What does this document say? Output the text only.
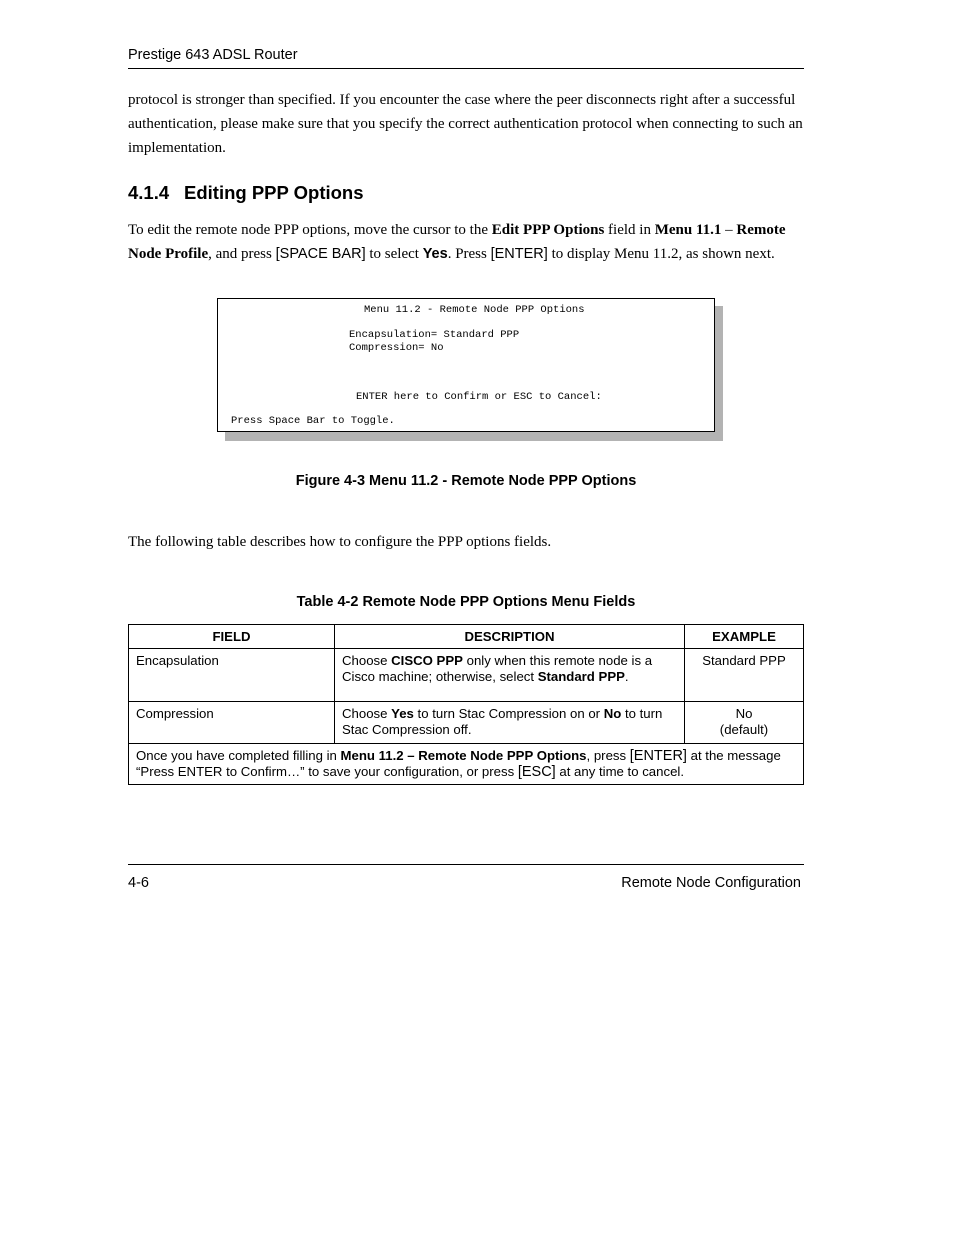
Prestige 643 ADSL Router
protocol is stronger than specified. If you encounter the case where the peer disconnects right after a successful authentication, please make sure that you specify the correct authentication protocol when connecting to such an implementation.
4.1.4 Editing PPP Options
To edit the remote node PPP options, move the cursor to the Edit PPP Options field in Menu 11.1 – Remote Node Profile, and press [SPACE BAR] to select Yes. Press [ENTER] to display Menu 11.2, as shown next.
Menu 11.2 - Remote Node PPP Options
Encapsulation= Standard PPP
Compression= No
ENTER here to Confirm or ESC to Cancel:
Press Space Bar to Toggle.
Figure 4-3 Menu 11.2 - Remote Node PPP Options
The following table describes how to configure the PPP options fields.
Table 4-2 Remote Node PPP Options Menu Fields
FIELD	DESCRIPTION	EXAMPLE
Encapsulation	Choose CISCO PPP only when this remote node is a Cisco machine; otherwise, select Standard PPP.	Standard PPP
Compression	Choose Yes to turn Stac Compression on or No to turn Stac Compression off.	No
(default)

Once you have completed filling in Menu 11.2 – Remote Node PPP Options, press [ENTER] at the message “Press ENTER to Confirm…” to save your configuration, or press [ESC] at any time to cancel.		
4-6	Remote Node Configuration
